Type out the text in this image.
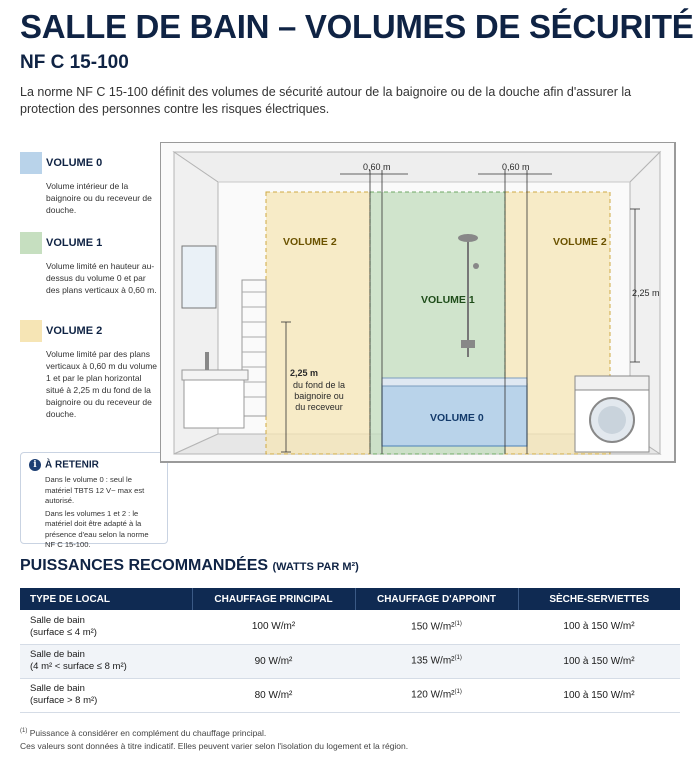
SALLE DE BAIN – VOLUMES DE SÉCURITÉ
NF C 15-100
La norme NF C 15-100 définit des volumes de sécurité autour de la baignoire ou de la douche afin d'assurer la protection des personnes contre les risques électriques.
VOLUME 0
Volume intérieur de la baignoire ou du receveur de douche.
VOLUME 1
Volume limité en hauteur au-dessus du volume 0 et par des plans verticaux à 0,60 m.
VOLUME 2
Volume limité par des plans verticaux à 0,60 m du volume 1 et par le plan horizontal situé à 2,25 m du fond de la baignoire ou du receveur de douche.
i À RETENIR

Dans le volume 0 : seul le matériel TBTS 12 V~ max est autorisé.

Dans les volumes 1 et 2 : le matériel doit être adapté à la présence d'eau selon la norme NF C 15-100.

0,60 m	0,60 m
2,25 m
2,25 m
du fond de la baignoire ou du receveur
VOLUME 2	VOLUME 2
VOLUME 1
VOLUME 0
PUISSANCES RECOMMANDÉES (WATTS PAR M²)
TYPE DE LOCAL	CHAUFFAGE PRINCIPAL	CHAUFFAGE D'APPOINT	SÈCHE-SERVIETTES
Salle de bain
(surface ≤ 4 m²)	100 W/m²	150 W/m²$^{(1)}$	100 à 150 W/m²
Salle de bain
(4 m² < surface ≤ 8 m²)	90 W/m²	135 W/m²$^{(1)}$	100 à 150 W/m²
Salle de bain
(surface > 8 m²)	80 W/m²	120 W/m²$^{(1)}$	100 à 150 W/m²
$^{(1)}$ Puissance à considérer en complément du chauffage principal.
Ces valeurs sont données à titre indicatif. Elles peuvent varier selon l'isolation du logement et la région.
